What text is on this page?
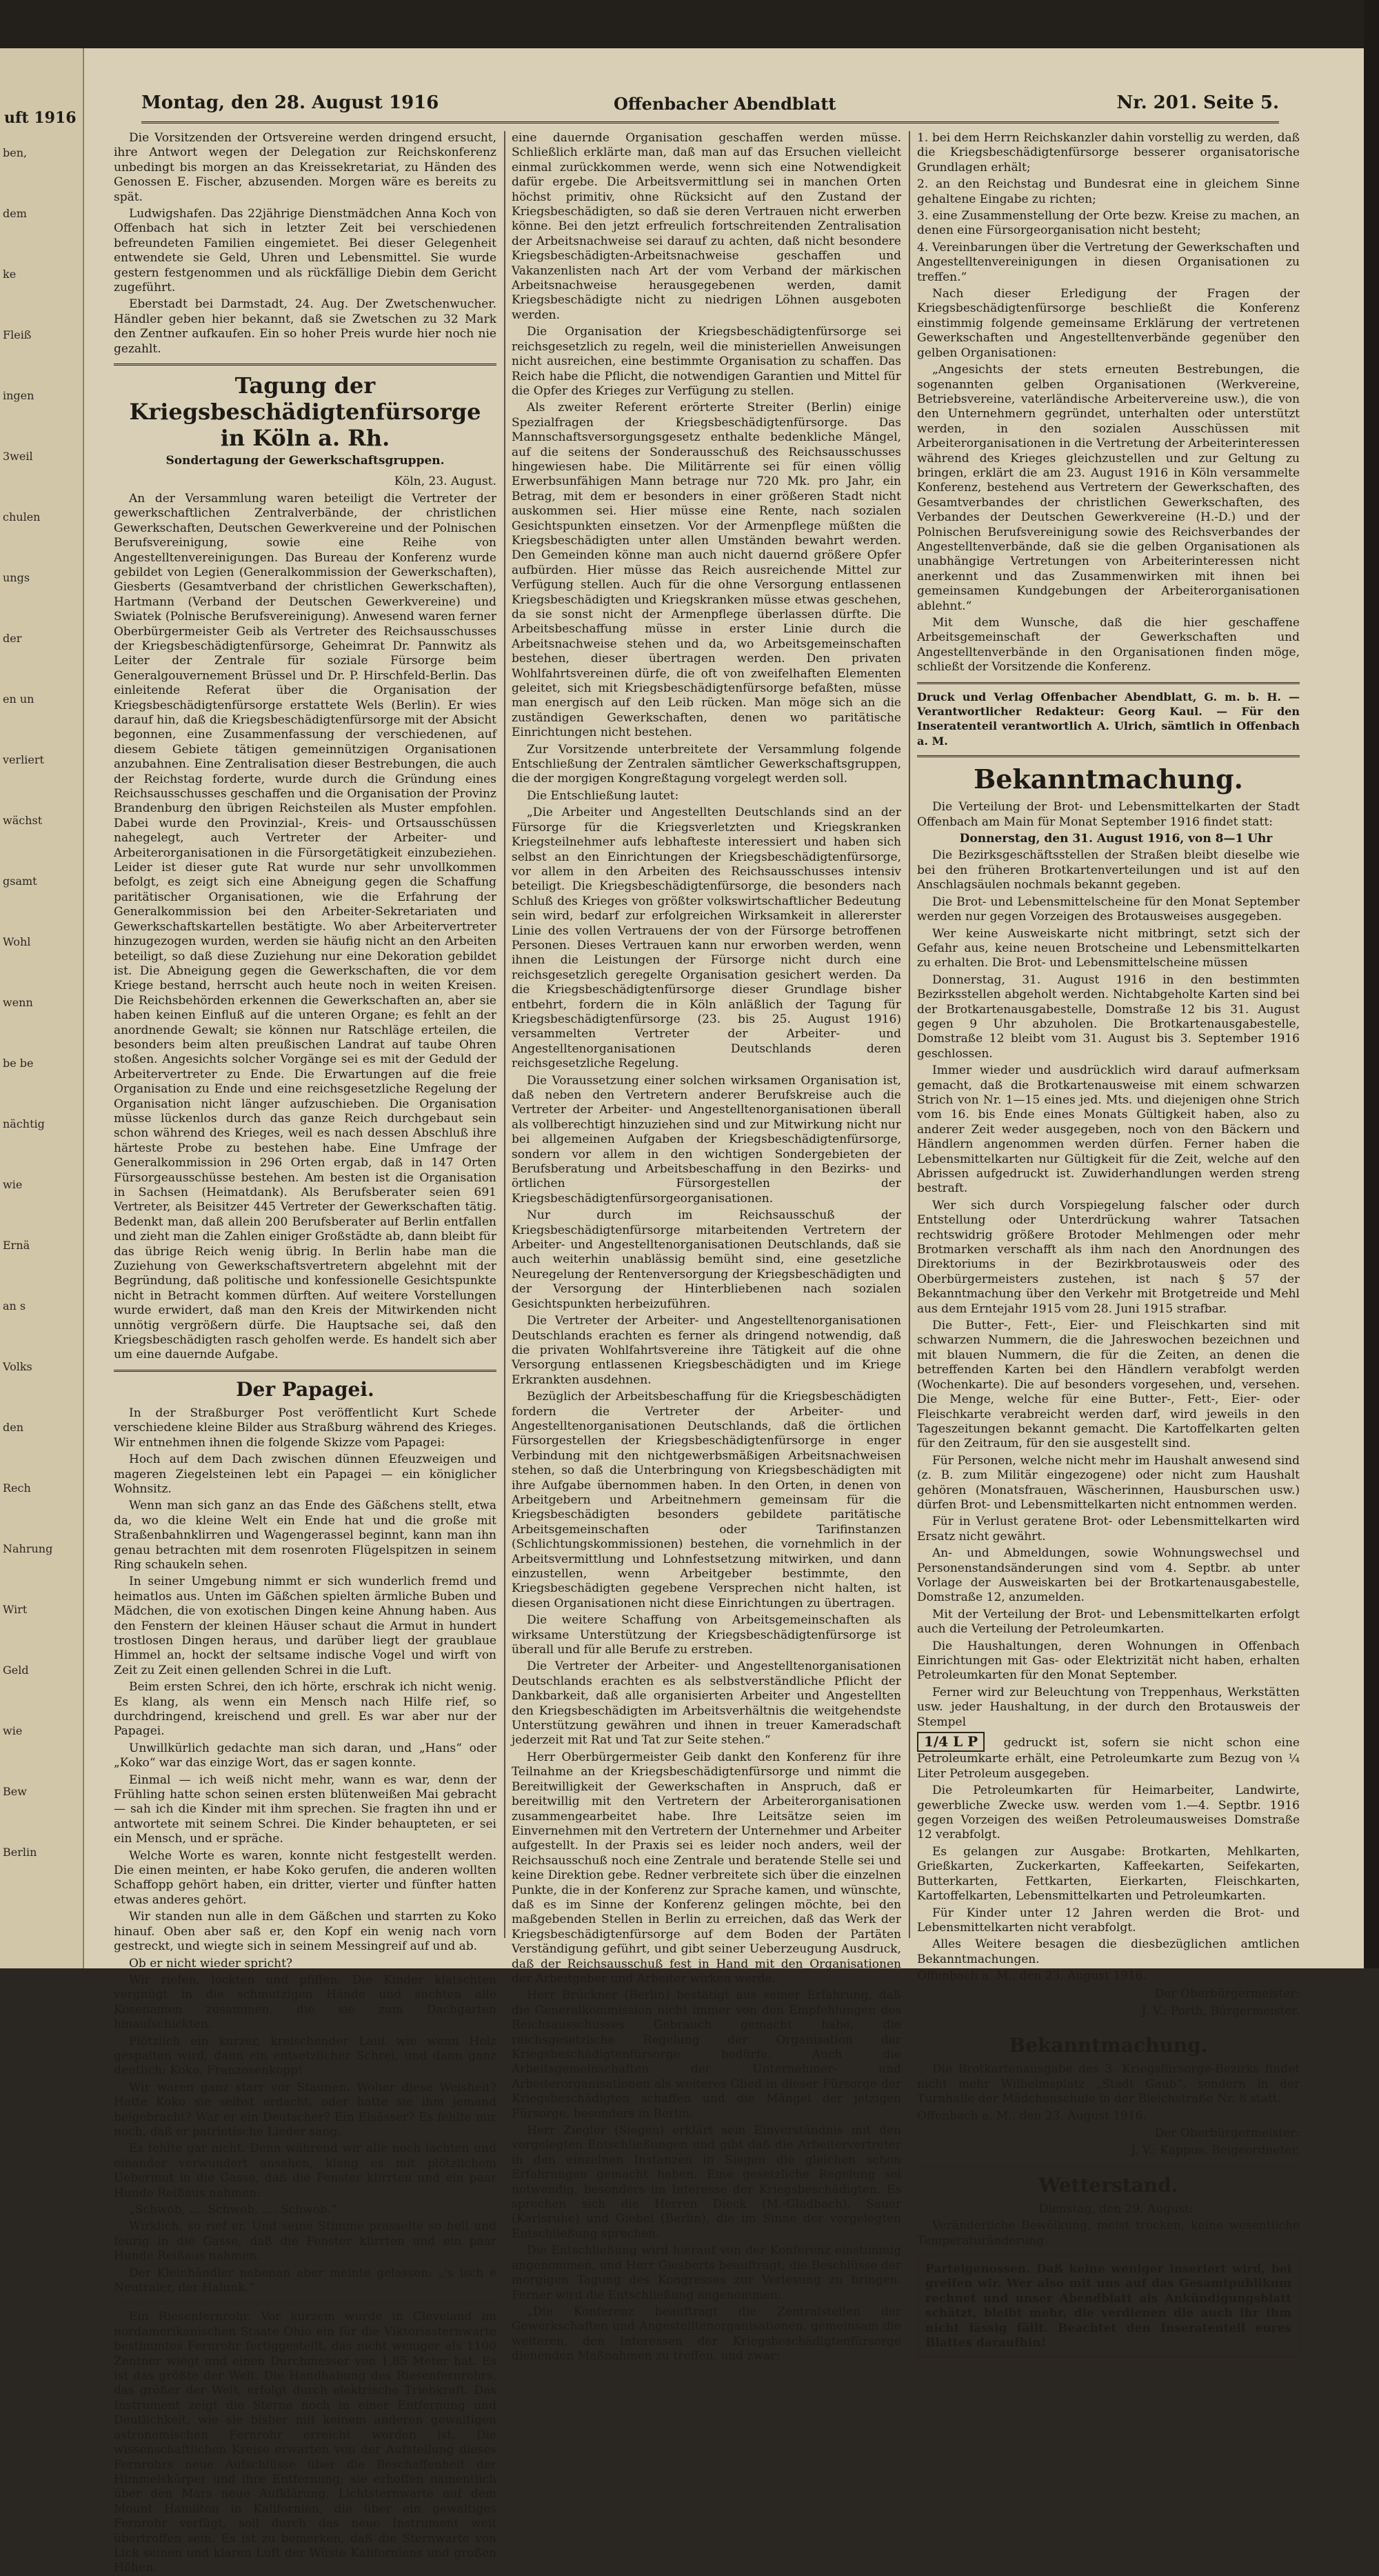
uft 1916
ben,
dem
ke
Fleiß
ingen
3weil
chulen
ungs
der
en un
verliert
wächst
gsamt
Wohl
wenn
be be
nächtig
wie
Ernä
an s
Volks
den
Rech
Nahrung
Wirt
Geld
wie
Bew
Berlin
Montag, den 28. August 1916	Offenbacher Abendblatt	Nr. 201. Seite 5.

Die Vorsitzenden der Ortsvereine werden dringend ersucht, ihre Antwort wegen der Delegation zur Reichskonferenz unbedingt bis morgen an das Kreissekretariat, zu Händen des Genossen E. Fischer, abzusenden. Morgen wäre es bereits zu spät.

Ludwigshafen. Das 22jährige Dienstmädchen Anna Koch von Offenbach hat sich in letzter Zeit bei verschiedenen befreundeten Familien eingemietet. Bei dieser Gelegenheit entwendete sie Geld, Uhren und Lebensmittel. Sie wurde gestern festgenommen und als rückfällige Diebin dem Gericht zugeführt.

Eberstadt bei Darmstadt, 24. Aug. Der Zwetschenwucher. Händler geben hier bekannt, daß sie Zwetschen zu 32 Mark den Zentner aufkaufen. Ein so hoher Preis wurde hier noch nie gezahlt.

Tagung der Kriegsbeschädigtenfürsorge in Köln a. Rh.
Sondertagung der Gewerkschaftsgruppen.
Köln, 23. August.

An der Versammlung waren beteiligt die Vertreter der gewerkschaftlichen Zentralverbände, der christlichen Gewerkschaften, Deutschen Gewerkvereine und der Polnischen Berufsvereinigung, sowie eine Reihe von Angestelltenvereinigungen. Das Bureau der Konferenz wurde gebildet von Legien (Generalkommission der Gewerkschaften), Giesberts (Gesamtverband der christlichen Gewerkschaften), Hartmann (Verband der Deutschen Gewerkvereine) und Swiatek (Polnische Berufsvereinigung). Anwesend waren ferner Oberbürgermeister Geib als Vertreter des Reichsausschusses der Kriegsbeschädigtenfürsorge, Geheimrat Dr. Pannwitz als Leiter der Zentrale für soziale Fürsorge beim Generalgouvernement Brüssel und Dr. P. Hirschfeld-Berlin. Das einleitende Referat über die Organisation der Kriegsbeschädigtenfürsorge erstattete Wels (Berlin). Er wies darauf hin, daß die Kriegsbeschädigtenfürsorge mit der Absicht begonnen, eine Zusammenfassung der verschiedenen, auf diesem Gebiete tätigen gemeinnützigen Organisationen anzubahnen. Eine Zentralisation dieser Bestrebungen, die auch der Reichstag forderte, wurde durch die Gründung eines Reichsausschusses geschaffen und die Organisation der Provinz Brandenburg den übrigen Reichsteilen als Muster empfohlen. Dabei wurde den Provinzial-, Kreis- und Ortsausschüssen nahegelegt, auch Vertreter der Arbeiter- und Arbeiterorganisationen in die Fürsorgetätigkeit einzubeziehen. Leider ist dieser gute Rat wurde nur sehr unvollkommen befolgt, es zeigt sich eine Abneigung gegen die Schaffung paritätischer Organisationen, wie die Erfahrung der Generalkommission bei den Arbeiter-Sekretariaten und Gewerkschaftskartellen bestätigte. Wo aber Arbeitervertreter hinzugezogen wurden, werden sie häufig nicht an den Arbeiten beteiligt, so daß diese Zuziehung nur eine Dekoration gebildet ist. Die Abneigung gegen die Gewerkschaften, die vor dem Kriege bestand, herrscht auch heute noch in weiten Kreisen. Die Reichsbehörden erkennen die Gewerkschaften an, aber sie haben keinen Einfluß auf die unteren Organe; es fehlt an der anordnende Gewalt; sie können nur Ratschläge erteilen, die besonders beim alten preußischen Landrat auf taube Ohren stoßen. Angesichts solcher Vorgänge sei es mit der Geduld der Arbeitervertreter zu Ende. Die Erwartungen auf die freie Organisation zu Ende und eine reichsgesetzliche Regelung der Organisation nicht länger aufzuschieben. Die Organisation müsse lückenlos durch das ganze Reich durchgebaut sein schon während des Krieges, weil es nach dessen Abschluß ihre härteste Probe zu bestehen habe. Eine Umfrage der Generalkommission in 296 Orten ergab, daß in 147 Orten Fürsorgeausschüsse bestehen. Am besten ist die Organisation in Sachsen (Heimatdank). Als Berufsberater seien 691 Vertreter, als Beisitzer 445 Vertreter der Gewerkschaften tätig. Bedenkt man, daß allein 200 Berufsberater auf Berlin entfallen und zieht man die Zahlen einiger Großstädte ab, dann bleibt für das übrige Reich wenig übrig. In Berlin habe man die Zuziehung von Gewerkschaftsvertretern abgelehnt mit der Begründung, daß politische und konfessionelle Gesichtspunkte nicht in Betracht kommen dürften. Auf weitere Vorstellungen wurde erwidert, daß man den Kreis der Mitwirkenden nicht unnötig vergrößern dürfe. Die Hauptsache sei, daß den Kriegsbeschädigten rasch geholfen werde. Es handelt sich aber um eine dauernde Aufgabe.

Der Papagei.

In der Straßburger Post veröffentlicht Kurt Schede verschiedene kleine Bilder aus Straßburg während des Krieges. Wir entnehmen ihnen die folgende Skizze vom Papagei:

Hoch auf dem Dach zwischen dünnen Efeuzweigen und mageren Ziegelsteinen lebt ein Papagei — ein königlicher Wohnsitz.

Wenn man sich ganz an das Ende des Gäßchens stellt, etwa da, wo die kleine Welt ein Ende hat und die große mit Straßenbahnklirren und Wagengerassel beginnt, kann man ihn genau betrachten mit dem rosenroten Flügelspitzen in seinem Ring schaukeln sehen.

In seiner Umgebung nimmt er sich wunderlich fremd und heimatlos aus. Unten im Gäßchen spielten ärmliche Buben und Mädchen, die von exotischen Dingen keine Ahnung haben. Aus den Fenstern der kleinen Häuser schaut die Armut in hundert trostlosen Dingen heraus, und darüber liegt der graublaue Himmel an, hockt der seltsame indische Vogel und wirft von Zeit zu Zeit einen gellenden Schrei in die Luft.

Beim ersten Schrei, den ich hörte, erschrak ich nicht wenig. Es klang, als wenn ein Mensch nach Hilfe rief, so durchdringend, kreischend und grell. Es war aber nur der Papagei.

Unwillkürlich gedachte man sich daran, und „Hans“ oder „Koko“ war das einzige Wort, das er sagen konnte.

Einmal — ich weiß nicht mehr, wann es war, denn der Frühling hatte schon seinen ersten blütenweißen Mai gebracht — sah ich die Kinder mit ihm sprechen. Sie fragten ihn und er antwortete mit seinem Schrei. Die Kinder behaupteten, er sei ein Mensch, und er spräche.

Welche Worte es waren, konnte nicht festgestellt werden. Die einen meinten, er habe Koko gerufen, die anderen wollten Schaffopp gehört haben, ein dritter, vierter und fünfter hatten etwas anderes gehört.

Wir standen nun alle in dem Gäßchen und starrten zu Koko hinauf. Oben aber saß er, den Kopf ein wenig nach vorn gestreckt, und wiegte sich in seinem Messingreif auf und ab.

Ob er nicht wieder spricht?

Wir riefen, lockten und pfiffen. Die Kinder klatschten vergnügt in die schmutzigen Hände und suchten alle Kosenamen zusammen, die sie zum Dachgarten hinaufschickten.

Plötzlich ein kurzer, kreischender Laut wie wenn Holz gespalten wird, dann ein entsetzlicher Schrei, und dann ganz deutlich: Koko, Franzosenkopp!

Wir waren ganz starr vor Staunen. Woher diese Weisheit? Hatte Koko sie selbst erdacht, oder hatte sie ihm jemand beigebracht? War er ein Deutscher? Ein Elsässer? Es fehlte nur noch, daß er patriotische Lieder sang.

Es fehlte gar nicht. Denn während wir alle noch lachten und einander verwundert ansahen, klang es mit plötzlichem Uebermut in die Gasse, daß die Fenster klirrten und ein paar Hunde Reißaus nahmen:

„Schwob, .... Schwob, .... Schwob.“

Wirklich, so rief er. Und seine Stimme prasselte so hell und feurig in die Gasse, daß die Fenster klirrten und ein paar Hunde Reißaus nahmen.

Der Kleinhändler nebenan aber meinte gelassen: „'s isch e Neutraler, der Halunk.“

Ein Riesenfernrohr. Vor kurzem wurde in Cleveland im nordamerikanischen Staate Ohio ein für die Viktoriasternwarte bestimmtes Fernrohr fertiggestellt, das nicht weniger als 1100 Zentner wiegt und einen Durchmesser von 1,85 Meter hat. Es ist das größte der Welt. Die Handhabung des Riesenfernrohrs, das größer der Welt, erfolgt durch elektrische Triebkraft. Das Instrument zeigt die Sterne noch in einer Entfernung und Deutlichkeit, wie sie bisher mit keinem anderen gewaltigen astronomischen Fernrohr erreicht worden ist. Die wissenschaftlichen Kreise erwarten von der Aufstellung dieses Fernrohrs neue Aufschlüsse über die Beschaffenheit der Himmelskörper und ihre Entfernung; sie erhoffen namentlich über den Mars neue Aufklärung. Lichtsternwarte auf dem Mount Hamilton in Kalifornien, die über ein gewaltiges Fernrohr verfügt, soll durch das neue Instrument weit übertroffen sein. Es ist zu bemerken, daß die Sternwarte von Lick seinen und klaren Luft der Wüste Kaliforniens und großen Höhen.

eine dauernde Organisation geschaffen werden müsse. Schließlich erklärte man, daß man auf das Ersuchen vielleicht einmal zurückkommen werde, wenn sich eine Notwendigkeit dafür ergebe. Die Arbeitsvermittlung sei in manchen Orten höchst primitiv, ohne Rücksicht auf den Zustand der Kriegsbeschädigten, so daß sie deren Vertrauen nicht erwerben könne. Bei den jetzt erfreulich fortschreitenden Zentralisation der Arbeitsnachweise sei darauf zu achten, daß nicht besondere Kriegsbeschädigten-Arbeitsnachweise geschaffen und Vakanzenlisten nach Art der vom Verband der märkischen Arbeitsnachweise herausgegebenen werden, damit Kriegsbeschädigte nicht zu niedrigen Löhnen ausgeboten werden.

Die Organisation der Kriegsbeschädigtenfürsorge sei reichsgesetzlich zu regeln, weil die ministeriellen Anweisungen nicht ausreichen, eine bestimmte Organisation zu schaffen. Das Reich habe die Pflicht, die notwendigen Garantien und Mittel für die Opfer des Krieges zur Verfügung zu stellen.

Als zweiter Referent erörterte Streiter (Berlin) einige Spezialfragen der Kriegsbeschädigtenfürsorge. Das Mannschaftsversorgungsgesetz enthalte bedenkliche Mängel, auf die seitens der Sonderausschuß des Reichsausschusses hingewiesen habe. Die Militärrente sei für einen völlig Erwerbsunfähigen Mann betrage nur 720 Mk. pro Jahr, ein Betrag, mit dem er besonders in einer größeren Stadt nicht auskommen sei. Hier müsse eine Rente, nach sozialen Gesichtspunkten einsetzen. Vor der Armenpflege müßten die Kriegsbeschädigten unter allen Umständen bewahrt werden. Den Gemeinden könne man auch nicht dauernd größere Opfer aufbürden. Hier müsse das Reich ausreichende Mittel zur Verfügung stellen. Auch für die ohne Versorgung entlassenen Kriegsbeschädigten und Kriegskranken müsse etwas geschehen, da sie sonst nicht der Armenpflege überlassen dürfte. Die Arbeitsbeschaffung müsse in erster Linie durch die Arbeitsnachweise stehen und da, wo Arbeitsgemeinschaften bestehen, dieser übertragen werden. Den privaten Wohlfahrtsvereinen dürfe, die oft von zweifelhaften Elementen geleitet, sich mit Kriegsbeschädigtenfürsorge befaßten, müsse man energisch auf den Leib rücken. Man möge sich an die zuständigen Gewerkschaften, denen wo paritätische Einrichtungen nicht bestehen.

Zur Vorsitzende unterbreitete der Versammlung folgende Entschließung der Zentralen sämtlicher Gewerkschaftsgruppen, die der morgigen Kongreßtagung vorgelegt werden soll.

Die Entschließung lautet:

„Die Arbeiter und Angestellten Deutschlands sind an der Fürsorge für die Kriegsverletzten und Kriegskranken Kriegsteilnehmer aufs lebhafteste interessiert und haben sich selbst an den Einrichtungen der Kriegsbeschädigtenfürsorge, vor allem in den Arbeiten des Reichsausschusses intensiv beteiligt. Die Kriegsbeschädigtenfürsorge, die besonders nach Schluß des Krieges von größter volkswirtschaftlicher Bedeutung sein wird, bedarf zur erfolgreichen Wirksamkeit in allererster Linie des vollen Vertrauens der von der Fürsorge betroffenen Personen. Dieses Vertrauen kann nur erworben werden, wenn ihnen die Leistungen der Fürsorge nicht durch eine reichsgesetzlich geregelte Organisation gesichert werden. Da die Kriegsbeschädigtenfürsorge dieser Grundlage bisher entbehrt, fordern die in Köln anläßlich der Tagung für Kriegsbeschädigtenfürsorge (23. bis 25. August 1916) versammelten Vertreter der Arbeiter- und Angestelltenorganisationen Deutschlands deren reichsgesetzliche Regelung.

Die Voraussetzung einer solchen wirksamen Organisation ist, daß neben den Vertretern anderer Berufskreise auch die Vertreter der Arbeiter- und Angestelltenorganisationen überall als vollberechtigt hinzuziehen sind und zur Mitwirkung nicht nur bei allgemeinen Aufgaben der Kriegsbeschädigtenfürsorge, sondern vor allem in den wichtigen Sondergebieten der Berufsberatung und Arbeitsbeschaffung in den Bezirks- und örtlichen Fürsorgestellen der Kriegsbeschädigtenfürsorgeorganisationen.

Nur durch im Reichsausschuß der Kriegsbeschädigtenfürsorge mitarbeitenden Vertretern der Arbeiter- und Angestelltenorganisationen Deutschlands, daß sie auch weiterhin unablässig bemüht sind, eine gesetzliche Neuregelung der Rentenversorgung der Kriegsbeschädigten und der Versorgung der Hinterbliebenen nach sozialen Gesichtspunkten herbeizuführen.

Die Vertreter der Arbeiter- und Angestelltenorganisationen Deutschlands erachten es ferner als dringend notwendig, daß die privaten Wohlfahrtsvereine ihre Tätigkeit auf die ohne Versorgung entlassenen Kriegsbeschädigten und im Kriege Erkrankten ausdehnen.

Bezüglich der Arbeitsbeschaffung für die Kriegsbeschädigten fordern die Vertreter der Arbeiter- und Angestelltenorganisationen Deutschlands, daß die örtlichen Fürsorgestellen der Kriegsbeschädigtenfürsorge in enger Verbindung mit den nichtgewerbsmäßigen Arbeitsnachweisen stehen, so daß die Unterbringung von Kriegsbeschädigten mit ihre Aufgabe übernommen haben. In den Orten, in denen von Arbeitgebern und Arbeitnehmern gemeinsam für die Kriegsbeschädigten besonders gebildete paritätische Arbeitsgemeinschaften oder Tarifinstanzen (Schlichtungskommissionen) bestehen, die vornehmlich in der Arbeitsvermittlung und Lohnfestsetzung mitwirken, und dann einzustellen, wenn Arbeitgeber bestimmte, den Kriegsbeschädigten gegebene Versprechen nicht halten, ist diesen Organisationen nicht diese Einrichtungen zu übertragen.

Die weitere Schaffung von Arbeitsgemeinschaften als wirksame Unterstützung der Kriegsbeschädigtenfürsorge ist überall und für alle Berufe zu erstreben.

Die Vertreter der Arbeiter- und Angestelltenorganisationen Deutschlands erachten es als selbstverständliche Pflicht der Dankbarkeit, daß alle organisierten Arbeiter und Angestellten den Kriegsbeschädigten im Arbeitsverhältnis die weitgehendste Unterstützung gewähren und ihnen in treuer Kameradschaft jederzeit mit Rat und Tat zur Seite stehen.“

Herr Oberbürgermeister Geib dankt den Konferenz für ihre Teilnahme an der Kriegsbeschädigtenfürsorge und nimmt die Bereitwilligkeit der Gewerkschaften in Anspruch, daß er bereitwillig mit den Vertretern der Arbeiterorganisationen zusammengearbeitet habe. Ihre Leitsätze seien im Einvernehmen mit den Vertretern der Unternehmer und Arbeiter aufgestellt. In der Praxis sei es leider noch anders, weil der Reichsausschuß noch eine Zentrale und beratende Stelle sei und keine Direktion gebe. Redner verbreitete sich über die einzelnen Punkte, die in der Konferenz zur Sprache kamen, und wünschte, daß es im Sinne der Konferenz gelingen möchte, bei den maßgebenden Stellen in Berlin zu erreichen, daß das Werk der Kriegsbeschädigtenfürsorge auf dem Boden der Partäten Verständigung geführt, und gibt seiner Ueberzeugung Ausdruck, daß der Reichsausschuß fest in Hand mit den Organisationen der Arbeitgeber und Arbeiter wirken werde.

Herr Brückner (Berlin) bestätigt aus seiner Erfahrung, daß die Generalkommission nicht immer von den Empfehlungen des Reichsausschusses Gebrauch gemacht habe, die reichsgesetzliche Regelung der Organisation der Kriegsbeschädigtenfürsorge bedürfe. Auch die Arbeitsgemeinschaften der Unternehmer- und Arbeiterorganisationen als weiteres Glied in dieser Fürsorge der Kriegsbeschädigten schaffen und die Mängel der jetzigen Fürsorge, besonders in Berlin.

Herr Ziegler (Siegen) erklärt sein Einverständnis mit den vorgelegten Entschließungen und gibt daß die Arbeitervertreter in den einzelnen Instanzen in Siegen die gleichen schon Erfahrungen gemacht haben. Eine gesetzliche Regelung sei notwendig, besonders im Interesse der Kriegsbeschädigten. Es sprechen sich die Herren Dieck (M.-Gladbach), Sauer (Karlsruhe) und Giebel (Berlin), die im Sinne der vorgelegten Entschließung sprechen.

Die Entschließung wird hierauf von der Konferenz einstimmig angenommen, und Herr Giesberts beauftragt, die Beschlüsse der morgigen Tagung des Kongresses zur Verlesung zu bringen. Ferner wird die Entschließung angenommen:

„Die Konferenz beauftragt die Zentralstellen der Gewerkschaften und Angestelltenorganisationen, gemeinsam die weiteren, den Interessen der Kriegsbeschädigtenfürsorge dienenden Maßnahmen zu treffen, und zwar:

1. bei dem Herrn Reichskanzler dahin vorstellig zu werden, daß die Kriegsbeschädigtenfürsorge besserer organisatorische Grundlagen erhält;

2. an den Reichstag und Bundesrat eine in gleichem Sinne gehaltene Eingabe zu richten;

3. eine Zusammenstellung der Orte bezw. Kreise zu machen, an denen eine Fürsorgeorganisation nicht besteht;

4. Vereinbarungen über die Vertretung der Gewerkschaften und Angestelltenvereinigungen in diesen Organisationen zu treffen.“

Nach dieser Erledigung der Fragen der Kriegsbeschädigtenfürsorge beschließt die Konferenz einstimmig folgende gemeinsame Erklärung der vertretenen Gewerkschaften und Angestelltenverbände gegenüber den gelben Organisationen:

„Angesichts der stets erneuten Bestrebungen, die sogenannten gelben Organisationen (Werkvereine, Betriebsvereine, vaterländische Arbeitervereine usw.), die von den Unternehmern gegründet, unterhalten oder unterstützt werden, in den sozialen Ausschüssen mit Arbeiterorganisationen in die Vertretung der Arbeiterinteressen während des Krieges gleichzustellen und zur Geltung zu bringen, erklärt die am 23. August 1916 in Köln versammelte Konferenz, bestehend aus Vertretern der Gewerkschaften, des Gesamtverbandes der christlichen Gewerkschaften, des Verbandes der Deutschen Gewerkvereine (H.-D.) und der Polnischen Berufsvereinigung sowie des Reichsverbandes der Angestelltenverbände, daß sie die gelben Organisationen als unabhängige Vertretungen von Arbeiterinteressen nicht anerkennt und das Zusammenwirken mit ihnen bei gemeinsamen Kundgebungen der Arbeiterorganisationen ablehnt.“

Mit dem Wunsche, daß die hier geschaffene Arbeitsgemeinschaft der Gewerkschaften und Angestelltenverbände in den Organisationen finden möge, schließt der Vorsitzende die Konferenz.

Druck und Verlag Offenbacher Abendblatt, G. m. b. H. — Verantwortlicher Redakteur: Georg Kaul. — Für den Inseratenteil verantwortlich A. Ulrich, sämtlich in Offenbach a. M.

Bekanntmachung.

Die Verteilung der Brot- und Lebensmittelkarten der Stadt Offenbach am Main für Monat September 1916 findet statt:

Donnerstag, den 31. August 1916, von 8—1 Uhr

Die Bezirksgeschäftsstellen der Straßen bleibt dieselbe wie bei den früheren Brotkartenverteilungen und ist auf den Anschlagsäulen nochmals bekannt gegeben.

Die Brot- und Lebensmittelscheine für den Monat September werden nur gegen Vorzeigen des Brotausweises ausgegeben.

Wer keine Ausweiskarte nicht mitbringt, setzt sich der Gefahr aus, keine neuen Brotscheine und Lebensmittelkarten zu erhalten. Die Brot- und Lebensmittelscheine müssen

Donnerstag, 31. August 1916 in den bestimmten Bezirksstellen abgeholt werden. Nichtabgeholte Karten sind bei der Brotkartenausgabestelle, Domstraße 12 bis 31. August gegen 9 Uhr abzuholen. Die Brotkartenausgabestelle, Domstraße 12 bleibt vom 31. August bis 3. September 1916 geschlossen.

Immer wieder und ausdrücklich wird darauf aufmerksam gemacht, daß die Brotkartenausweise mit einem schwarzen Strich von Nr. 1—15 eines jed. Mts. und diejenigen ohne Strich vom 16. bis Ende eines Monats Gültigkeit haben, also zu anderer Zeit weder ausgegeben, noch von den Bäckern und Händlern angenommen werden dürfen. Ferner haben die Lebensmittelkarten nur Gültigkeit für die Zeit, welche auf den Abrissen aufgedruckt ist. Zuwiderhandlungen werden streng bestraft.

Wer sich durch Vorspiegelung falscher oder durch Entstellung oder Unterdrückung wahrer Tatsachen rechtswidrig größere Brotoder Mehlmengen oder mehr Brotmarken verschafft als ihm nach den Anordnungen des Direktoriums in der Bezirkbrotausweis oder des Oberbürgermeisters zustehen, ist nach § 57 der Bekanntmachung über den Verkehr mit Brotgetreide und Mehl aus dem Erntejahr 1915 vom 28. Juni 1915 strafbar.

Die Butter-, Fett-, Eier- und Fleischkarten sind mit schwarzen Nummern, die die Jahreswochen bezeichnen und mit blauen Nummern, die für die Zeiten, an denen die betreffenden Karten bei den Händlern verabfolgt werden (Wochenkarte). Die auf besonders vorgesehen, und, versehen. Die Menge, welche für eine Butter-, Fett-, Eier- oder Fleischkarte verabreicht werden darf, wird jeweils in den Tageszeitungen bekannt gemacht. Die Kartoffelkarten gelten für den Zeitraum, für den sie ausgestellt sind.

Für Personen, welche nicht mehr im Haushalt anwesend sind (z. B. zum Militär eingezogene) oder nicht zum Haushalt gehören (Monatsfrauen, Wäscherinnen, Hausburschen usw.) dürfen Brot- und Lebensmittelkarten nicht entnommen werden.

Für in Verlust geratene Brot- oder Lebensmittelkarten wird Ersatz nicht gewährt.

An- und Abmeldungen, sowie Wohnungswechsel und Personenstandsänderungen sind vom 4. Septbr. ab unter Vorlage der Ausweiskarten bei der Brotkartenausgabestelle, Domstraße 12, anzumelden.

Mit der Verteilung der Brot- und Lebensmittelkarten erfolgt auch die Verteilung der Petroleumkarten.

Die Haushaltungen, deren Wohnungen in Offenbach Einrichtungen mit Gas- oder Elektrizität nicht haben, erhalten Petroleumkarten für den Monat September.

Ferner wird zur Beleuchtung von Treppenhaus, Werkstätten usw. jeder Haushaltung, in der durch den Brotausweis der Stempel

1/4 L P gedruckt ist, sofern sie nicht schon eine Petroleumkarte erhält, eine Petroleumkarte zum Bezug von ¼ Liter Petroleum ausgegeben.

Die Petroleumkarten für Heimarbeiter, Landwirte, gewerbliche Zwecke usw. werden vom 1.—4. Septbr. 1916 gegen Vorzeigen des weißen Petroleumausweises Domstraße 12 verabfolgt.

Es gelangen zur Ausgabe: Brotkarten, Mehlkarten, Grießkarten, Zuckerkarten, Kaffeekarten, Seifekarten, Butterkarten, Fettkarten, Eierkarten, Fleischkarten, Kartoffelkarten, Lebensmittelkarten und Petroleumkarten.

Für Kinder unter 12 Jahren werden die Brot- und Lebensmittelkarten nicht verabfolgt.

Alles Weitere besagen die diesbezüglichen amtlichen Bekanntmachungen.

Offenbach a. M., den 23. August 1916.

Der Oberbürgermeister:
J. V.: Porth, Bürgermeister.
Bekanntmachung.

Die Brotkartenausgabe des 3. Kriegsfürsorge-Bezirks findet nicht mehr Wilhelmsplatz „Stadt Gaub“, sondern in der Turnhalle der Mädchenschule in der Bleichstraße Nr. 8 statt.

Offenbach a. M., den 23. August 1916.

Der Oberbürgermeister:
J. V.: Kappus, Beigeordneter.
Wetterstand.

Dienstag, den 29. August:

Veränderliche Bewölkung, meist trocken, keine wesentliche Temperaturänderung.

Parteigenossen. Daß keine weniger inseriert wird, bei greifen wir. Wer also mit uns auf das Gesamtpublikum rechnet und unser Abendblatt als Ankündigungsblatt schätzt, bleibt mehr, die verdienen die auch ihr ihm nicht lässig fällt. Beachtet den Inseratenteil eures Blattes daraufhin!
